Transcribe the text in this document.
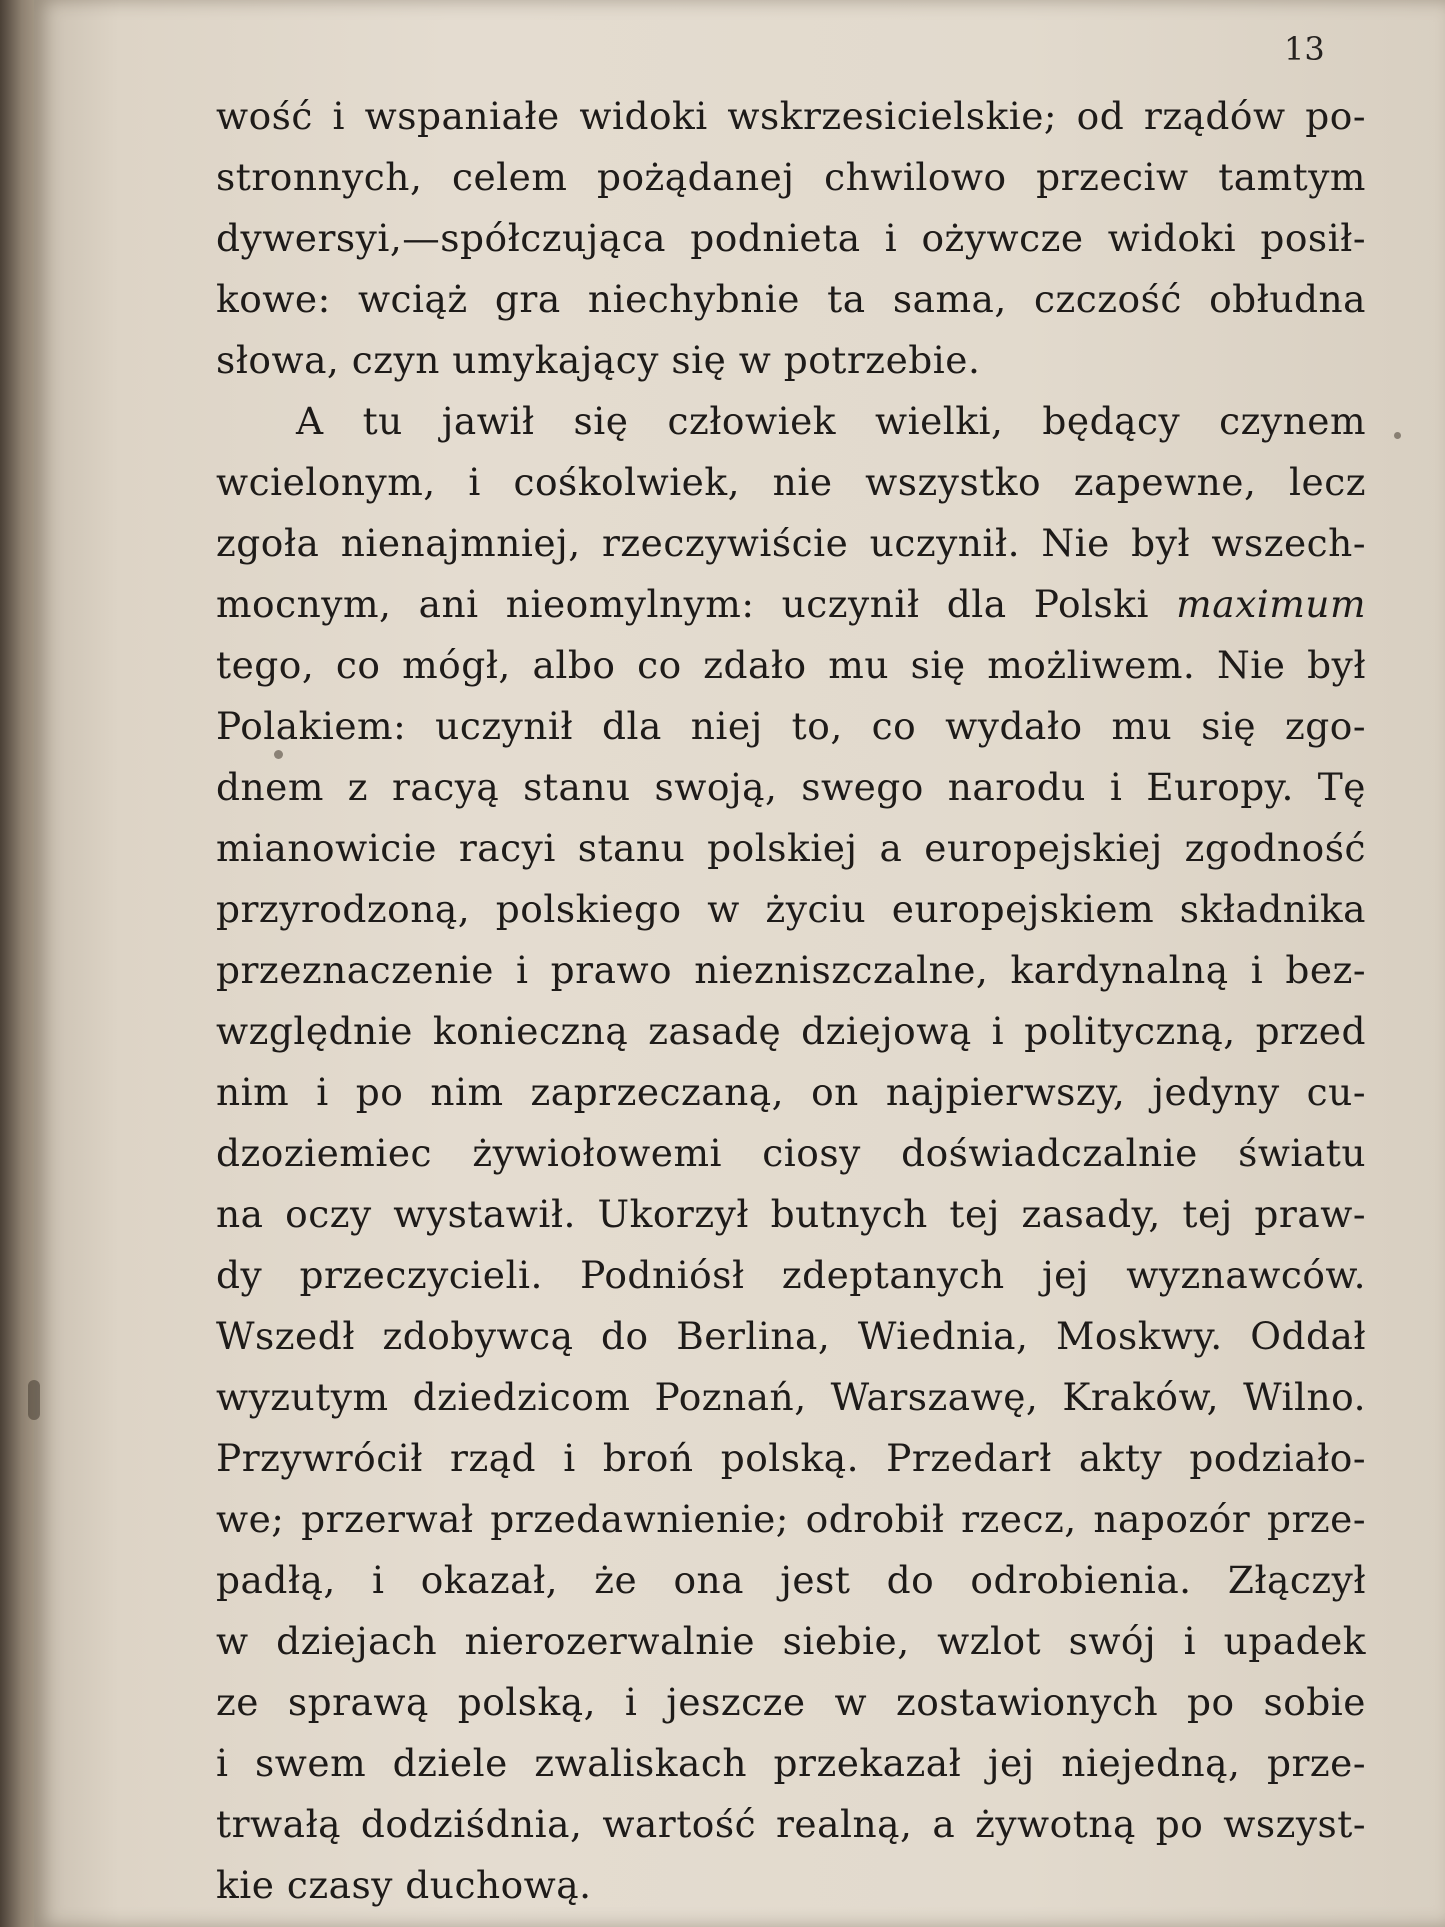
13
wość i wspaniałe widoki wskrzesicielskie; od rządów po-
stronnych, celem pożądanej chwilowo przeciw tamtym
dywersyi,—spółczująca podnieta i ożywcze widoki posił-
kowe: wciąż gra niechybnie ta sama, czczość obłudna
słowa, czyn umykający się w potrzebie.
A tu jawił się człowiek wielki, będący czynem
wcielonym, i cośkolwiek, nie wszystko zapewne, lecz
zgoła nienajmniej, rzeczywiście uczynił. Nie był wszech-
mocnym, ani nieomylnym: uczynił dla Polski maximum
tego, co mógł, albo co zdało mu się możliwem. Nie był
Polakiem: uczynił dla niej to, co wydało mu się zgo-
dnem z racyą stanu swoją, swego narodu i Europy. Tę
mianowicie racyi stanu polskiej a europejskiej zgodność
przyrodzoną, polskiego w życiu europejskiem składnika
przeznaczenie i prawo niezniszczalne, kardynalną i bez-
względnie konieczną zasadę dziejową i polityczną, przed
nim i po nim zaprzeczaną, on najpierwszy, jedyny cu-
dzoziemiec żywiołowemi ciosy doświadczalnie światu
na oczy wystawił. Ukorzył butnych tej zasady, tej praw-
dy przeczycieli. Podniósł zdeptanych jej wyznawców.
Wszedł zdobywcą do Berlina, Wiednia, Moskwy. Oddał
wyzutym dziedzicom Poznań, Warszawę, Kraków, Wilno.
Przywrócił rząd i broń polską. Przedarł akty podziało-
we; przerwał przedawnienie; odrobił rzecz, napozór prze-
padłą, i okazał, że ona jest do odrobienia. Złączył
w dziejach nierozerwalnie siebie, wzlot swój i upadek
ze sprawą polską, i jeszcze w zostawionych po sobie
i swem dziele zwaliskach przekazał jej niejedną, prze-
trwałą dodziśdnia, wartość realną, a żywotną po wszyst-
kie czasy duchową.
